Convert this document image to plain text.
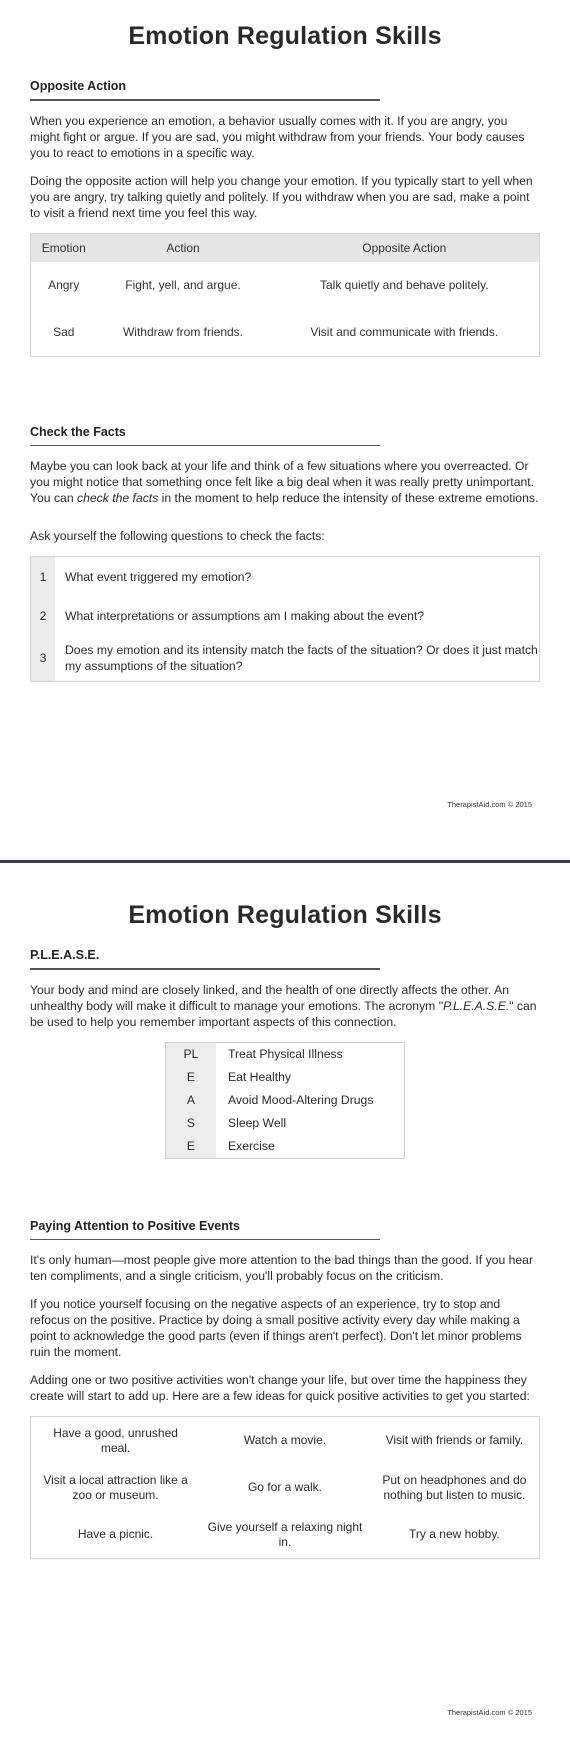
Emotion Regulation Skills
Opposite Action

When you experience an emotion, a behavior usually comes with it. If you are angry, you might fight or argue. If you are sad, you might withdraw from your friends. Your body causes you to react to emotions in a specific way.

Doing the opposite action will help you change your emotion. If you typically start to yell when you are angry, try talking quietly and politely. If you withdraw when you are sad, make a point to visit a friend next time you feel this way.

Emotion	Action	Opposite Action
Angry	Fight, yell, and argue.	Talk quietly and behave politely.
Sad	Withdraw from friends.	Visit and communicate with friends.
Check the Facts

Maybe you can look back at your life and think of a few situations where you overreacted. Or you might notice that something once felt like a big deal when it was really pretty unimportant. You can check the facts in the moment to help reduce the intensity of these extreme emotions.

Ask yourself the following questions to check the facts:

1	What event triggered my emotion?
2	What interpretations or assumptions am I making about the event?
3	Does my emotion and its intensity match the facts of the situation? Or does it just match my assumptions of the situation?
TherapistAid.com © 2015
Emotion Regulation Skills
P.L.E.A.S.E.

Your body and mind are closely linked, and the health of one directly affects the other. An unhealthy body will make it difficult to manage your emotions. The acronym "P.L.E.A.S.E." can be used to help you remember important aspects of this connection.

PL	Treat Physical Illness
E	Eat Healthy
A	Avoid Mood-Altering Drugs
S	Sleep Well
E	Exercise
Paying Attention to Positive Events

It's only human—most people give more attention to the bad things than the good. If you hear ten compliments, and a single criticism, you'll probably focus on the criticism.

If you notice yourself focusing on the negative aspects of an experience, try to stop and refocus on the positive. Practice by doing a small positive activity every day while making a point to acknowledge the good parts (even if things aren't perfect). Don't let minor problems ruin the moment.

Adding one or two positive activities won't change your life, but over time the happiness they create will start to add up. Here are a few ideas for quick positive activities to get you started:

Have a good, unrushed meal.	Watch a movie.	Visit with friends or family.
Visit a local attraction like a zoo or museum.	Go for a walk.	Put on headphones and do nothing but listen to music.
Have a picnic.	Give yourself a relaxing night in.	Try a new hobby.
TherapistAid.com © 2015
